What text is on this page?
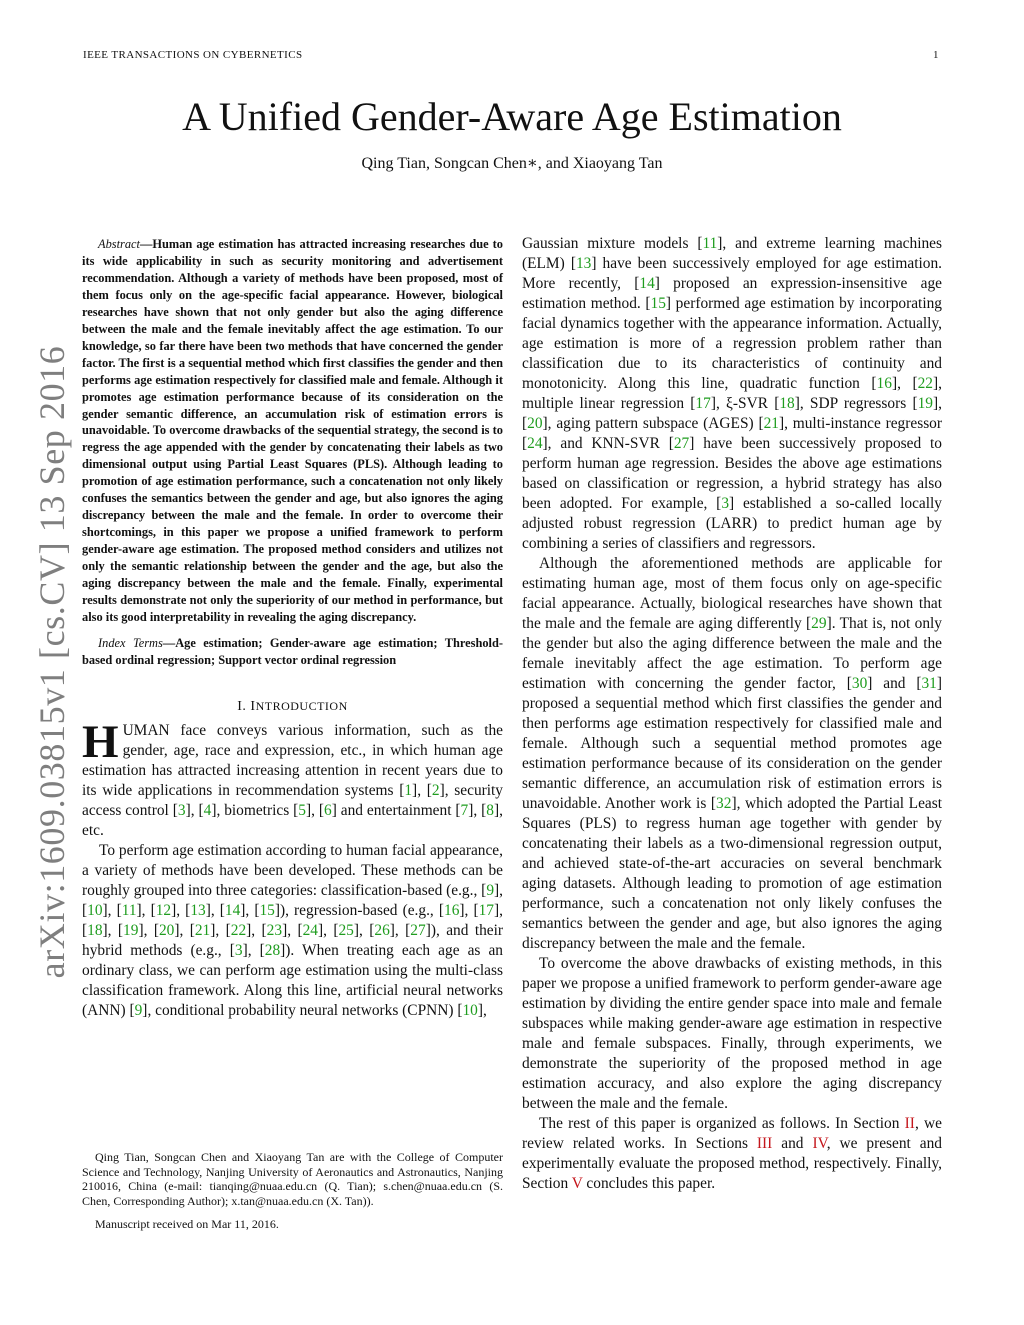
IEEE TRANSACTIONS ON CYBERNETICS	1
A Unified Gender-Aware Age Estimation
Qing Tian, Songcan Chen∗, and Xiaoyang Tan
arXiv:1609.03815v1 [cs.CV] 13 Sep 2016

Abstract—Human age estimation has attracted increasing researches due to its wide applicability in such as security monitoring and advertisement recommendation. Although a variety of methods have been proposed, most of them focus only on the age-specific facial appearance. However, biological researches have shown that not only gender but also the aging difference between the male and the female inevitably affect the age estimation. To our knowledge, so far there have been two methods that have concerned the gender factor. The first is a sequential method which first classifies the gender and then performs age estimation respectively for classified male and female. Although it promotes age estimation performance because of its consideration on the gender semantic difference, an accumulation risk of estimation errors is unavoidable. To overcome drawbacks of the sequential strategy, the second is to regress the age appended with the gender by concatenating their labels as two dimensional output using Partial Least Squares (PLS). Although leading to promotion of age estimation performance, such a concatenation not only likely confuses the semantics between the gender and age, but also ignores the aging discrepancy between the male and the female. In order to overcome their shortcomings, in this paper we propose a unified framework to perform gender-aware age estimation. The proposed method considers and utilizes not only the semantic relationship between the gender and the age, but also the aging discrepancy between the male and the female. Finally, experimental results demonstrate not only the superiority of our method in performance, but also its good interpretability in revealing the aging discrepancy.

Index Terms—Age estimation; Gender-aware age estimation; Threshold-based ordinal regression; Support vector ordinal regression

I. INTRODUCTION

HUMAN face conveys various information, such as the gender, age, race and expression, etc., in which human age estimation has attracted increasing attention in recent years due to its wide applications in recommendation systems [1], [2], security access control [3], [4], biometrics [5], [6] and entertainment [7], [8], etc.

To perform age estimation according to human facial appearance, a variety of methods have been developed. These methods can be roughly grouped into three categories: classification-based (e.g., [9], [10], [11], [12], [13], [14], [15]), regression-based (e.g., [16], [17], [18], [19], [20], [21], [22], [23], [24], [25], [26], [27]), and their hybrid methods (e.g., [3], [28]). When treating each age as an ordinary class, we can perform age estimation using the multi-class classification framework. Along this line, artificial neural networks (ANN) [9], conditional probability neural networks (CPNN) [10],

Qing Tian, Songcan Chen and Xiaoyang Tan are with the College of Computer Science and Technology, Nanjing University of Aeronautics and Astronautics, Nanjing 210016, China (e-mail: tianqing@nuaa.edu.cn (Q. Tian); s.chen@nuaa.edu.cn (S. Chen, Corresponding Author); x.tan@nuaa.edu.cn (X. Tan)).

Manuscript received on Mar 11, 2016.

Gaussian mixture models [11], and extreme learning machines (ELM) [13] have been successively employed for age estimation. More recently, [14] proposed an expression-insensitive age estimation method. [15] performed age estimation by incorporating facial dynamics together with the appearance information. Actually, age estimation is more of a regression problem rather than classification due to its characteristics of continuity and monotonicity. Along this line, quadratic function [16], [22], multiple linear regression [17], ξ-SVR [18], SDP regressors [19], [20], aging pattern subspace (AGES) [21], multi-instance regressor [24], and KNN-SVR [27] have been successively proposed to perform human age regression. Besides the above age estimations based on classification or regression, a hybrid strategy has also been adopted. For example, [3] established a so-called locally adjusted robust regression (LARR) to predict human age by combining a series of classifiers and regressors.

Although the aforementioned methods are applicable for estimating human age, most of them focus only on age-specific facial appearance. Actually, biological researches have shown that the male and the female are aging differently [29]. That is, not only the gender but also the aging difference between the male and the female inevitably affect the age estimation. To perform age estimation with concerning the gender factor, [30] and [31] proposed a sequential method which first classifies the gender and then performs age estimation respectively for classified male and female. Although such a sequential method promotes age estimation performance because of its consideration on the gender semantic difference, an accumulation risk of estimation errors is unavoidable. Another work is [32], which adopted the Partial Least Squares (PLS) to regress human age together with gender by concatenating their labels as a two-dimensional regression output, and achieved state-of-the-art accuracies on several benchmark aging datasets. Although leading to promotion of age estimation performance, such a concatenation not only likely confuses the semantics between the gender and age, but also ignores the aging discrepancy between the male and the female.

To overcome the above drawbacks of existing methods, in this paper we propose a unified framework to perform gender-aware age estimation by dividing the entire gender space into male and female subspaces while making gender-aware age estimation in respective male and female subspaces. Finally, through experiments, we demonstrate the superiority of the proposed method in age estimation accuracy, and also explore the aging discrepancy between the male and the female.

The rest of this paper is organized as follows. In Section II, we review related works. In Sections III and IV, we present and experimentally evaluate the proposed method, respectively. Finally, Section V concludes this paper.
